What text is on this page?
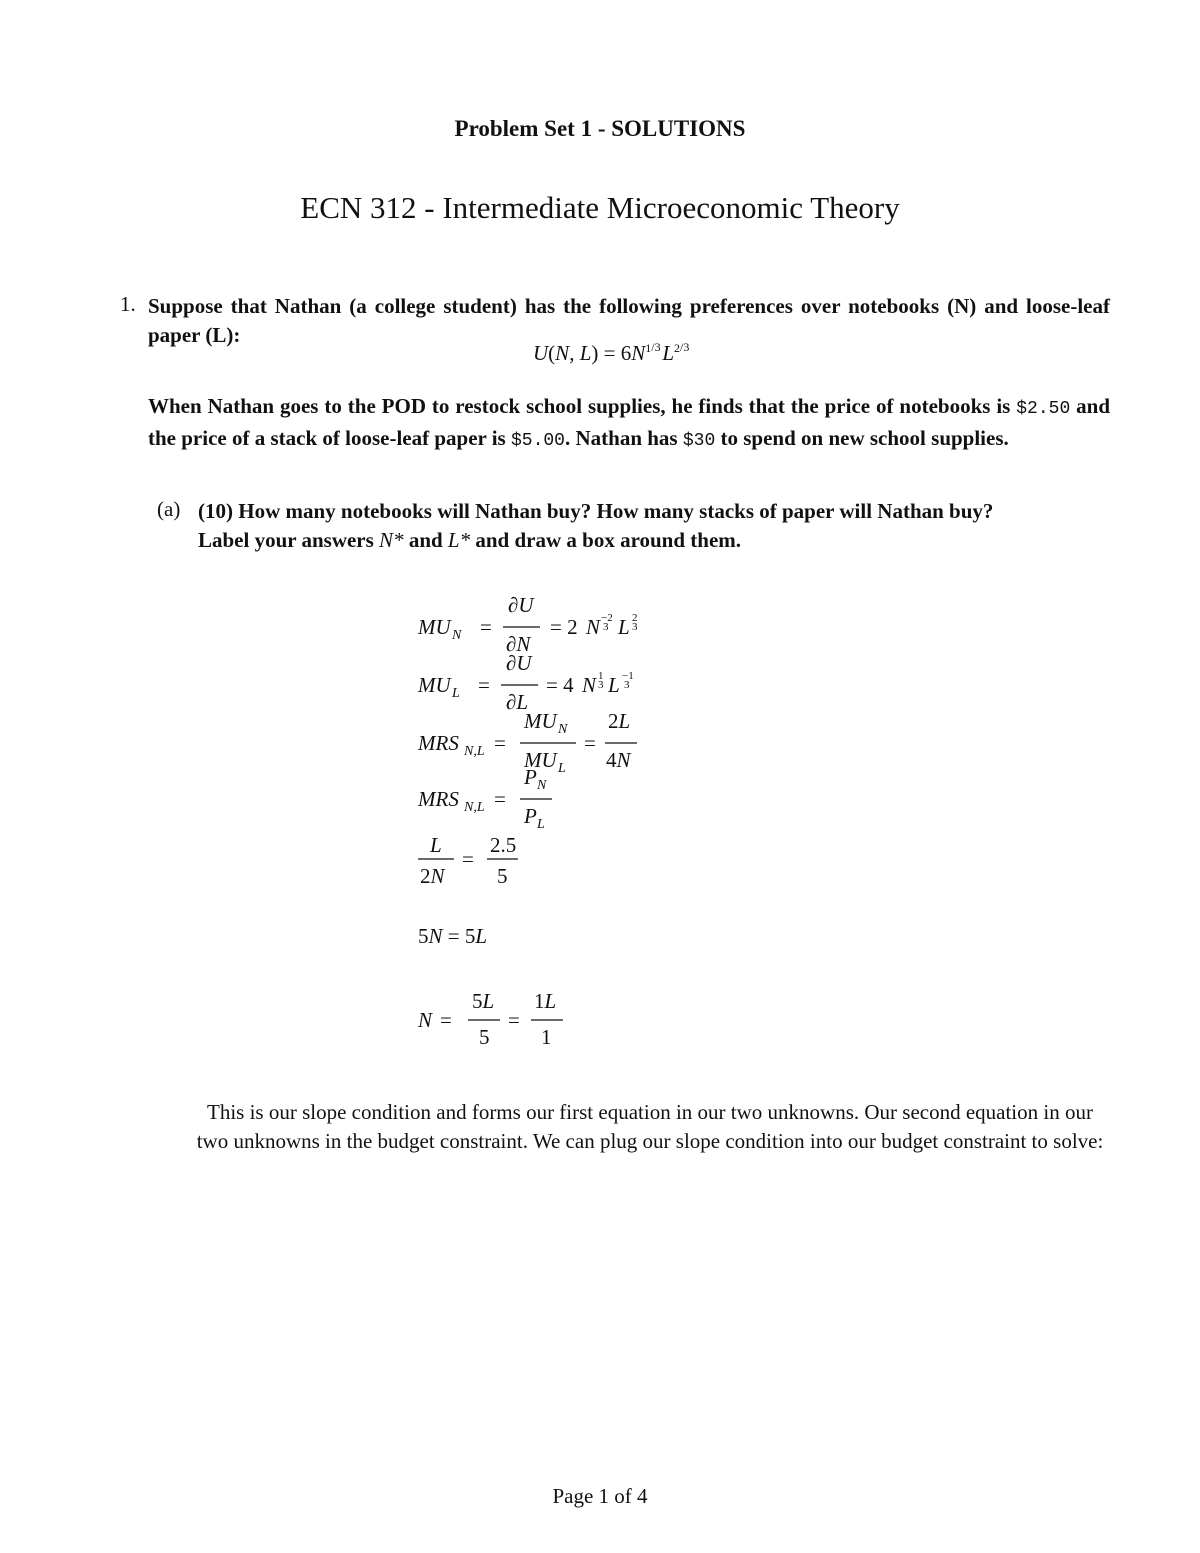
Problem Set 1 - SOLUTIONS
ECN 312 - Intermediate Microeconomic Theory
1. Suppose that Nathan (a college student) has the following preferences over notebooks (N) and loose-leaf paper (L):
U(N, $L) = 6N^{1/3}$ $L^{2/3}$
When Nathan goes to the POD to restock school supplies, he finds that the price of notebooks is $2.50 and the price of a stack of loose-leaf paper is $5.00. Nathan has $30 to spend on new school supplies.
(a) (10) How many notebooks will Nathan buy? How many stacks of paper will Nathan buy?
Label your answers N* and L* and draw a box around them.
MU N =
∂U
∂N
= 2 N −2
3 L 2
3
MU L =
∂U
∂L
= 4 N 1
3 L −1
3
MRS N,L =
MU N
MU L
=
2L
4N
MRS N,L =
P N
P L
L
2N
=
2.5
5
5N = 5L
N =
5L
5
=
1L
1
This is our slope condition and forms our first equation in our two unknowns. Our second equation in our two unknowns in the budget constraint. We can plug our slope condition into our budget constraint to solve:
Page 1 of 4
